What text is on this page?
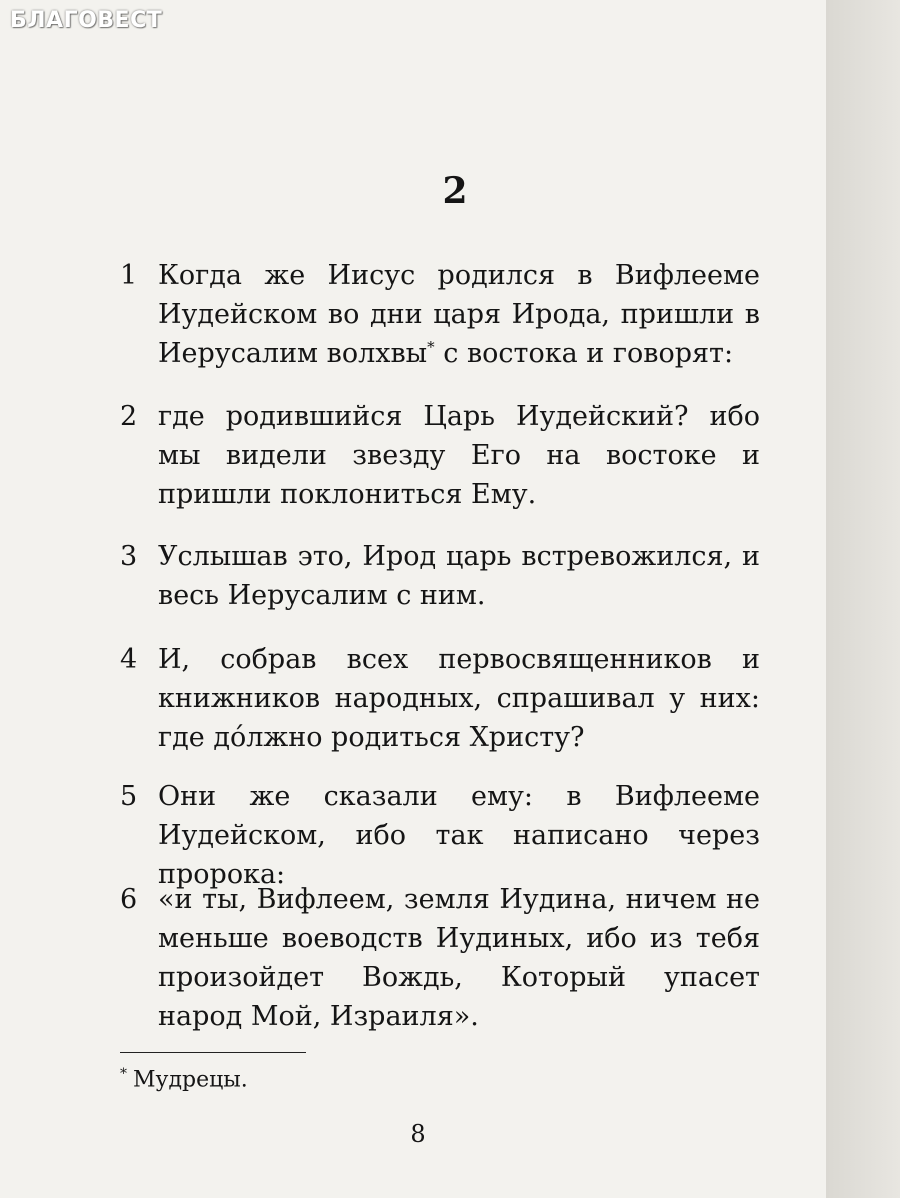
БЛАГОВЕСТ
2
1 Когда же Иисус родился в Вифлееме Иудейском во дни царя Ирода, пришли в Иерусалим волхвы* с востока и говорят:
2 где родившийся Царь Иудейский? ибо мы видели звезду Его на востоке и пришли поклониться Ему.
3 Услышав это, Ирод царь встревожился, и весь Иерусалим с ним.
4 И, собрав всех первосвященников и книжников народных, спрашивал у них: где дóлжно родиться Христу?
5 Они же сказали ему: в Вифлееме Иудейском, ибо так написано через пророка:
6 «и ты, Вифлеем, земля Иудина, ничем не меньше воеводств Иудиных, ибо из тебя произойдет Вождь, Который упасет народ Мой, Израиля».
* Мудрецы.
8
